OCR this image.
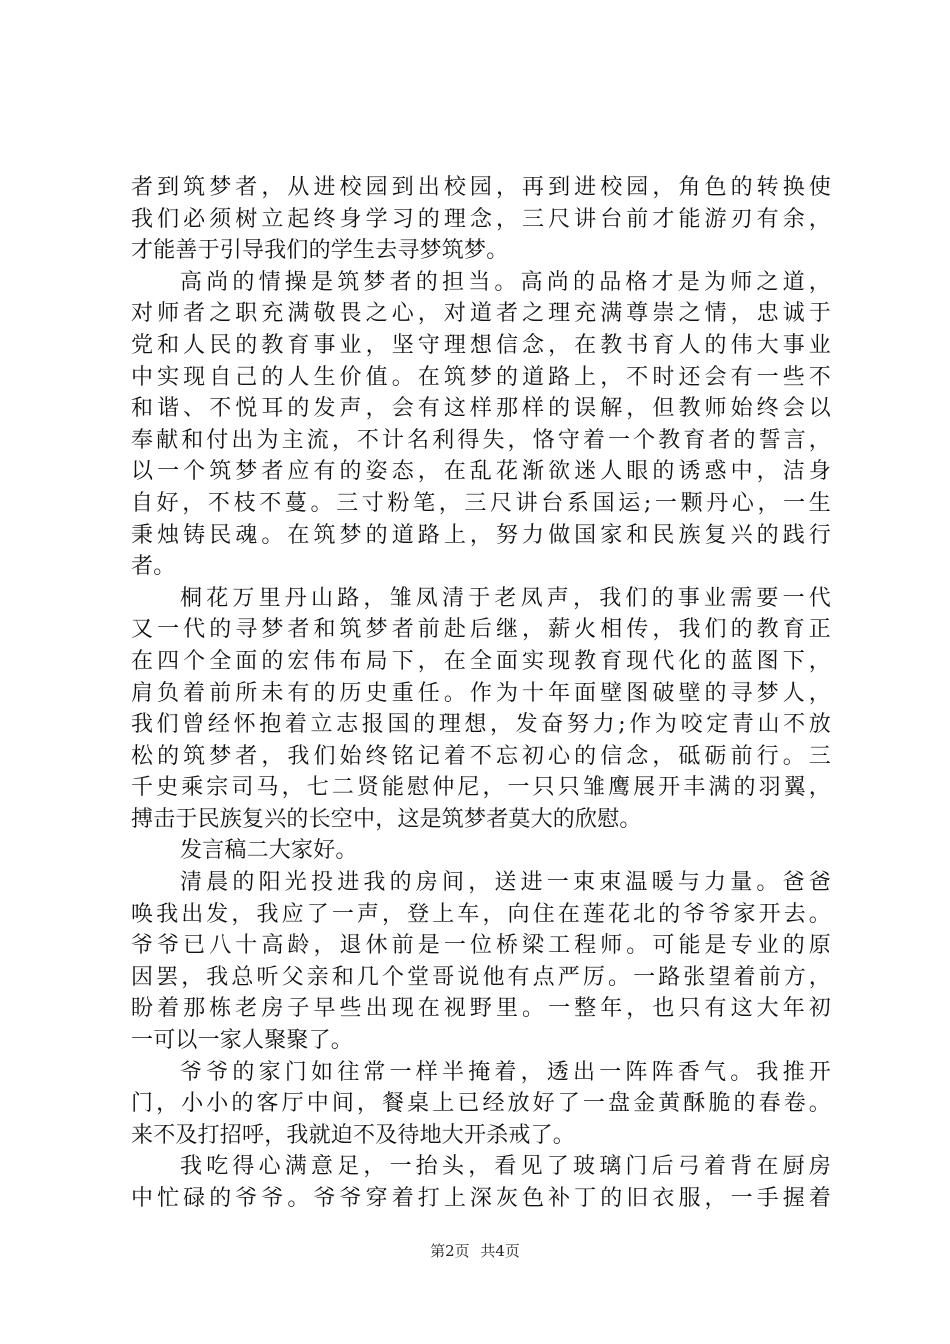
者到筑梦者，从进校园到出校园，再到进校园，角色的转换使
我们必须树立起终身学习的理念，三尺讲台前才能游刃有余，
才能善于引导我们的学生去寻梦筑梦。
高尚的情操是筑梦者的担当。高尚的品格才是为师之道，
对师者之职充满敬畏之心，对道者之理充满尊崇之情，忠诚于
党和人民的教育事业，坚守理想信念，在教书育人的伟大事业
中实现自己的人生价值。在筑梦的道路上，不时还会有一些不
和谐、不悦耳的发声，会有这样那样的误解，但教师始终会以
奉献和付出为主流，不计名利得失，恪守着一个教育者的誓言，
以一个筑梦者应有的姿态，在乱花渐欲迷人眼的诱惑中，洁身
自好，不枝不蔓。三寸粉笔，三尺讲台系国运;一颗丹心，一生
秉烛铸民魂。在筑梦的道路上，努力做国家和民族复兴的践行
者。
桐花万里丹山路，雏凤清于老凤声，我们的事业需要一代
又一代的寻梦者和筑梦者前赴后继，薪火相传，我们的教育正
在四个全面的宏伟布局下，在全面实现教育现代化的蓝图下，
肩负着前所未有的历史重任。作为十年面壁图破壁的寻梦人，
我们曾经怀抱着立志报国的理想，发奋努力;作为咬定青山不放
松的筑梦者，我们始终铭记着不忘初心的信念，砥砺前行。三
千史乘宗司马，七二贤能慰仲尼，一只只雏鹰展开丰满的羽翼，
搏击于民族复兴的长空中，这是筑梦者莫大的欣慰。
发言稿二大家好。
清晨的阳光投进我的房间，送进一束束温暖与力量。爸爸
唤我出发，我应了一声，登上车，向住在莲花北的爷爷家开去。
爷爷已八十高龄，退休前是一位桥梁工程师。可能是专业的原
因罢，我总听父亲和几个堂哥说他有点严厉。一路张望着前方，
盼着那栋老房子早些出现在视野里。一整年，也只有这大年初
一可以一家人聚聚了。
爷爷的家门如往常一样半掩着，透出一阵阵香气。我推开
门，小小的客厅中间，餐桌上已经放好了一盘金黄酥脆的春卷。
来不及打招呼，我就迫不及待地大开杀戒了。
我吃得心满意足，一抬头，看见了玻璃门后弓着背在厨房
中忙碌的爷爷。爷爷穿着打上深灰色补丁的旧衣服，一手握着
第2页 共4页
